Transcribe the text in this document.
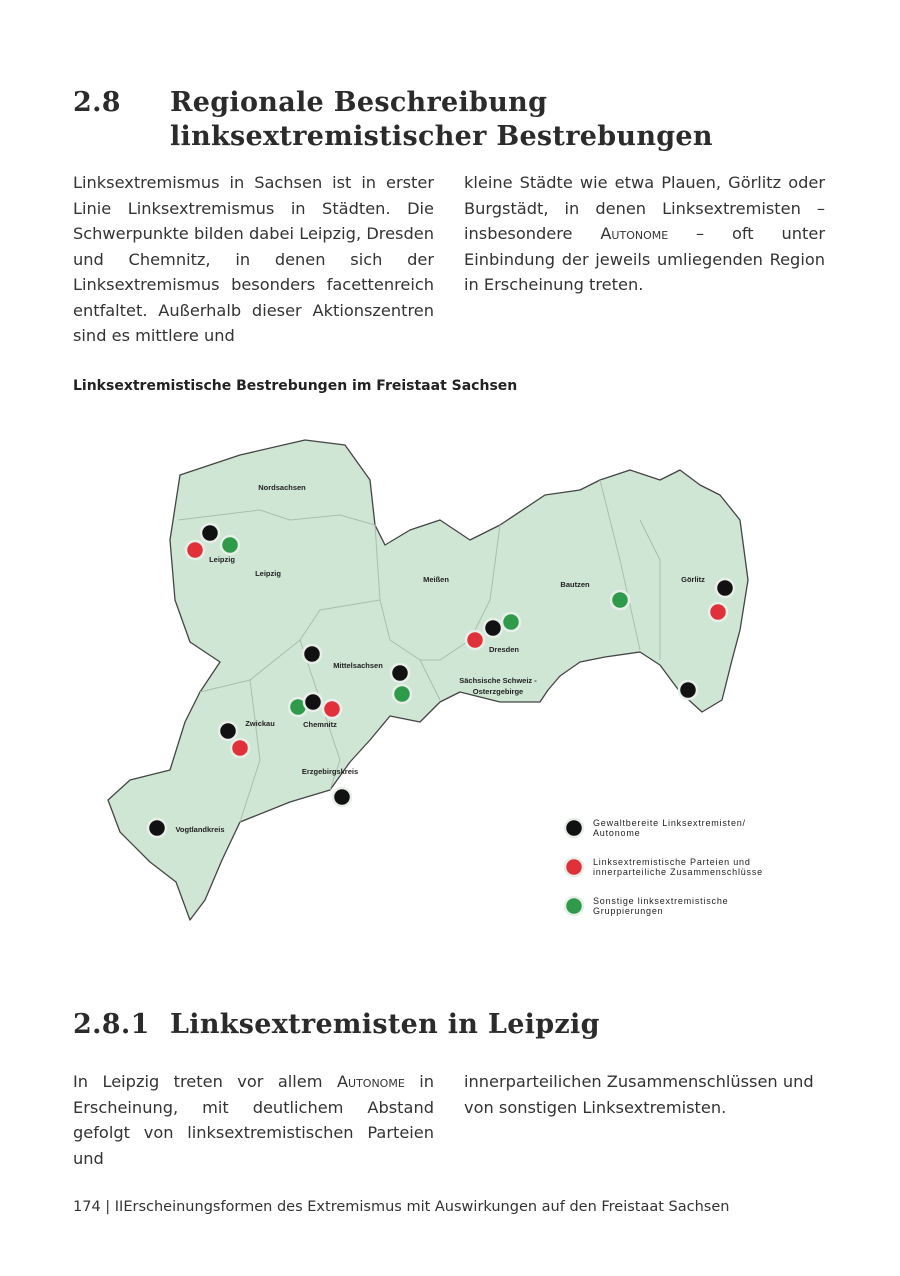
2.8 Regionale Beschreibung
linksextremistischer Bestrebungen
Linksextremismus in Sachsen ist in erster Linie Linksextremismus in Städten. Die Schwerpunkte bilden dabei Leipzig, Dresden und Chemnitz, in denen sich der Linksextremismus besonders facettenreich entfaltet. Außerhalb dieser Aktionszentren sind es mittlere und
kleine Städte wie etwa Plauen, Görlitz oder Burgstädt, in denen Linksextremisten – insbesondere Autonome – oft unter Einbindung der jeweils umliegenden Region in Erscheinung treten.
Linksextremistische Bestrebungen im Freistaat Sachsen
Nordsachsen
Leipzig
Leipzig
Meißen
Bautzen
Görlitz
Dresden
Mittelsachsen
Sächsische Schweiz -
Osterzgebirge
Zwickau	Chemnitz
Erzgebirgskreis
Vogtlandkreis
Gewaltbereite Linksextremisten/
Autonome
Linksextremistische Parteien und
innerparteiliche Zusammenschlüsse
Sonstige linksextremistische
Gruppierungen
2.8.1 Linksextremisten in Leipzig
In Leipzig treten vor allem Autonome in Erscheinung, mit deutlichem Abstand gefolgt von linksextremistischen Parteien und
innerparteilichen Zusammenschlüssen und von sonstigen Linksextremisten.
174 | IIErscheinungsformen des Extremismus mit Auswirkungen auf den Freistaat Sachsen
